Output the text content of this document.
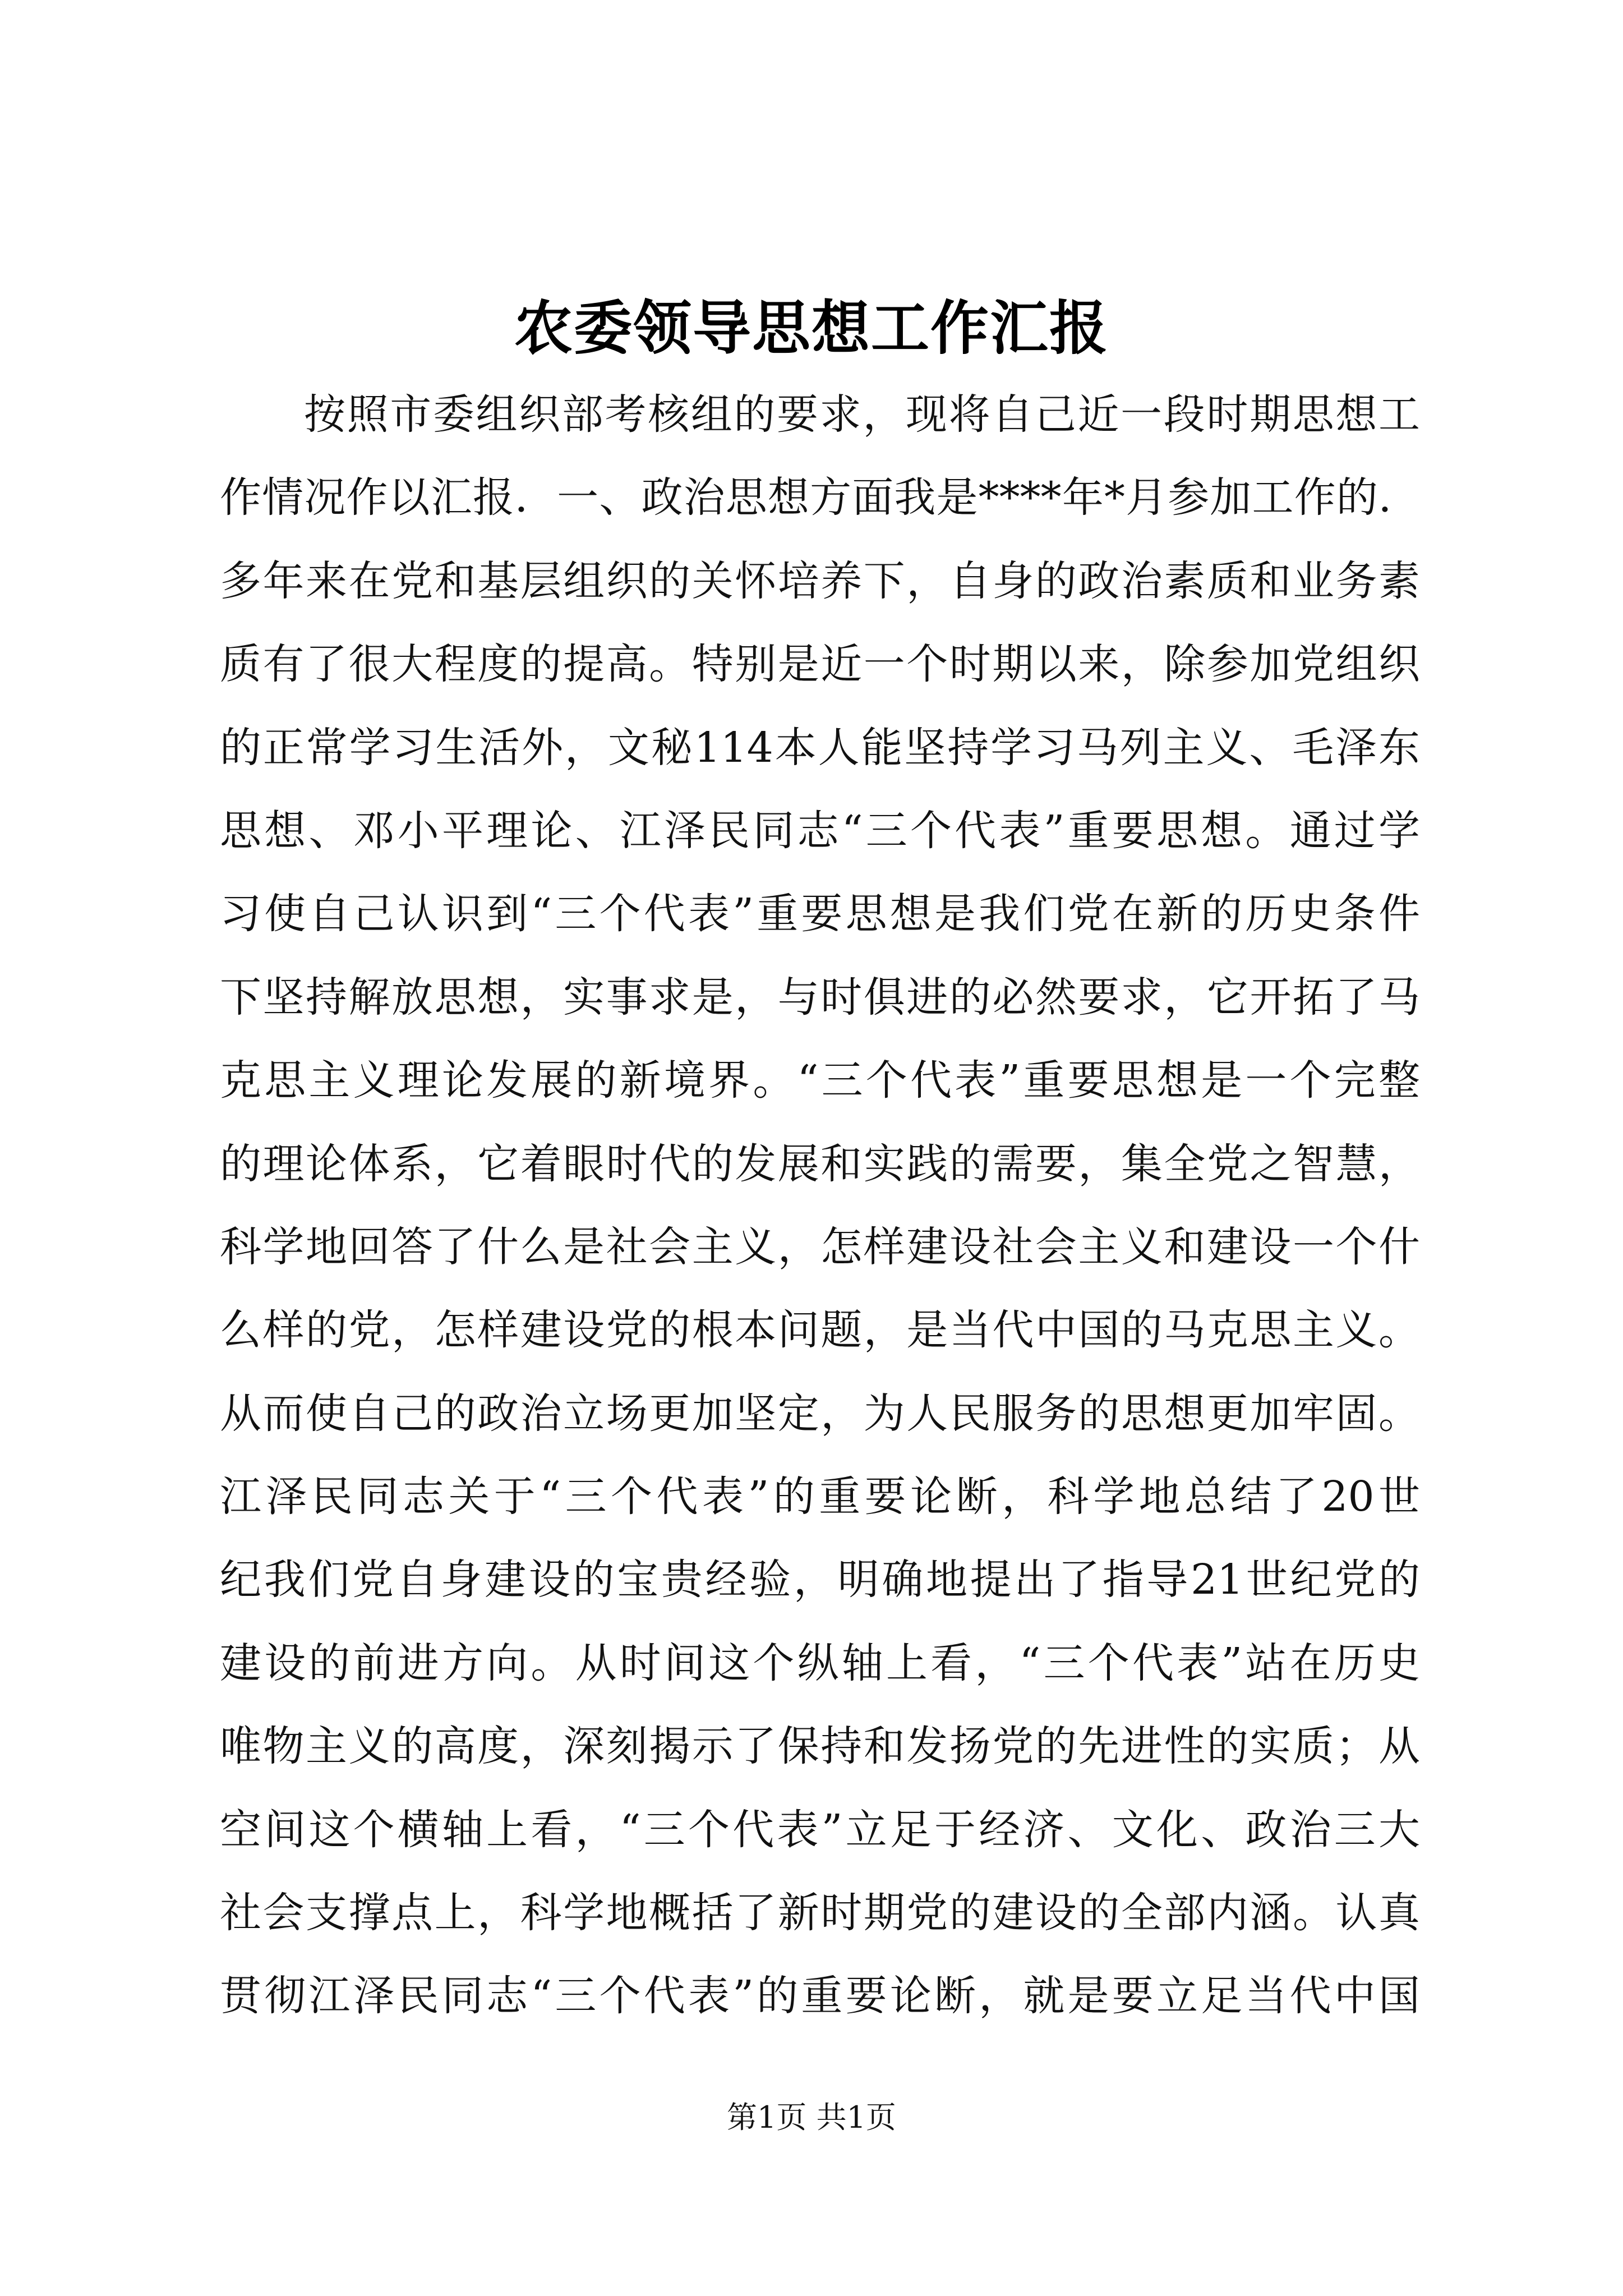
农委领导思想工作汇报
按照市委组织部考核组的要求，现将自己近一段时期思想工
作情况作以汇报．一、政治思想方面我是****年*月参加工作的．
多年来在党和基层组织的关怀培养下，自身的政治素质和业务素
质有了很大程度的提高。特别是近一个时期以来，除参加党组织
的正常学习生活外，文秘114本人能坚持学习马列主义、毛泽东
思想、邓小平理论、江泽民同志“三个代表”重要思想。通过学
习使自己认识到“三个代表”重要思想是我们党在新的历史条件
下坚持解放思想，实事求是，与时俱进的必然要求，它开拓了马
克思主义理论发展的新境界。“三个代表”重要思想是一个完整
的理论体系，它着眼时代的发展和实践的需要，集全党之智慧，
科学地回答了什么是社会主义，怎样建设社会主义和建设一个什
么样的党，怎样建设党的根本问题，是当代中国的马克思主义。
从而使自己的政治立场更加坚定，为人民服务的思想更加牢固。
江泽民同志关于“三个代表”的重要论断，科学地总结了20世
纪我们党自身建设的宝贵经验，明确地提出了指导21世纪党的
建设的前进方向。从时间这个纵轴上看，“三个代表”站在历史
唯物主义的高度，深刻揭示了保持和发扬党的先进性的实质；从
空间这个横轴上看，“三个代表”立足于经济、文化、政治三大
社会支撑点上，科学地概括了新时期党的建设的全部内涵。认真
贯彻江泽民同志“三个代表”的重要论断，就是要立足当代中国
第1页 共1页
